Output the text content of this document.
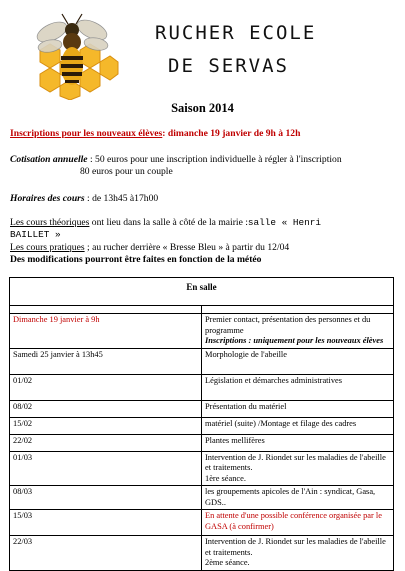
RUCHER ECOLE
DE SERVAS
Saison 2014
Inscriptions pour les nouveaux élèves: dimanche 19 janvier de 9h à 12h
Cotisation annuelle : 50 euros pour une inscription individuelle à régler à l'inscription
80 euros pour un couple
Horaires des cours : de 13h45 à17h00
Les cours théoriques ont lieu dans la salle à côté de la mairie :salle « Henri
BAILLET »
Les cours pratiques ; au rucher derrière « Bresse Bleu » à partir du 12/04
Des modifications pourront être faites en fonction de la météo
En salle	

Dimanche 19 janvier à 9h	Premier contact, présentation des personnes et du programme
Inscriptions : uniquement pour les nouveaux élèves

Samedi 25 janvier à 13h45	Morphologie de l'abeille

01/02	Législation et démarches administratives

08/02	Présentation du matériel

15/02	matériel (suite) /Montage et filage des cadres

22/02	Plantes mellifères

01/03	Intervention de J. Riondet sur les maladies de l'abeille et traitements.
1ère séance.

08/03	les groupements apicoles de l'Ain : syndicat, Gasa, GDS..

15/03	En attente d'une possible conférence organisée par le GASA (à confirmer)

22/03	Intervention de J. Riondet sur les maladies de l'abeille et traitements.
2ème séance.
